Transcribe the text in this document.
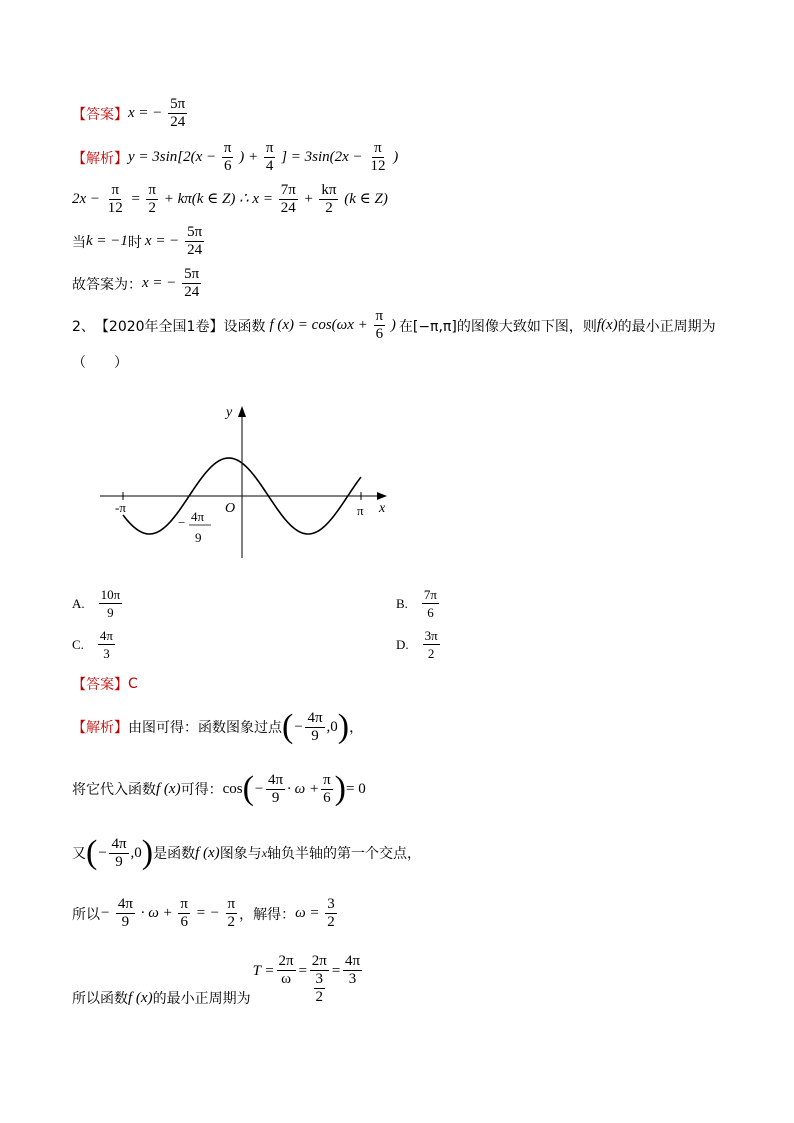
【答案】 x = − $\frac{5\pi}{24}$
【解析】 $y = 3\sin[2(x - \frac{\pi}{6}$ ) + $\frac{\pi}{4}$ ] = $3\sin(2x - \frac{\pi}{12}$ )
$2x - \frac{\pi}{12} = \frac{\pi}{2} + k\pi(k$ ∈ Z) ∴ $x = \frac{7\pi}{24} + \frac{k\pi}{2} (k$ ∈ Z)
当 k = −1 时 x = − $\frac{5\pi}{24}$
故答案为： x = − $\frac{5\pi}{24}$
2、 【2020年全国1卷】 设函数 f $(x) = \cos(\omega x + \frac{\pi}{6}$ ) 在[−π,π]的图像大致如下图，则 f(x) 的最小正周期为
（　　）
y
x
O
-π	π
− 4π
9
A. $\frac{10\pi}{9}$	B. $\frac{7\pi}{6}$
C. $\frac{4\pi}{3}$	D. $\frac{3\pi}{2}$
【答案】 C
【解析】 由图可得：函数图象过点 ( − $\frac{4\pi}{9} ,0$ ) ，
将它代入函数 f (x) 可得： cos ( − $\frac{4\pi}{9} \cdot \omega + \frac{\pi}{6}$ ) = 0
又 ( − $\frac{4\pi}{9} ,0$ ) 是函数 f (x) 图象与 x 轴负半轴的第一个交点，
所以 − $\frac{4\pi}{9} \cdot \omega + \frac{\pi}{6}$ = − $\frac{\pi}{2}$ ，解得： $\omega = \frac{3}{2}$
所以函数 f (x) 的最小正周期为
$T = \frac{2\pi}{\omega} = \frac{2\pi}{\frac{3}{2}} = \frac{4\pi}{3}$
